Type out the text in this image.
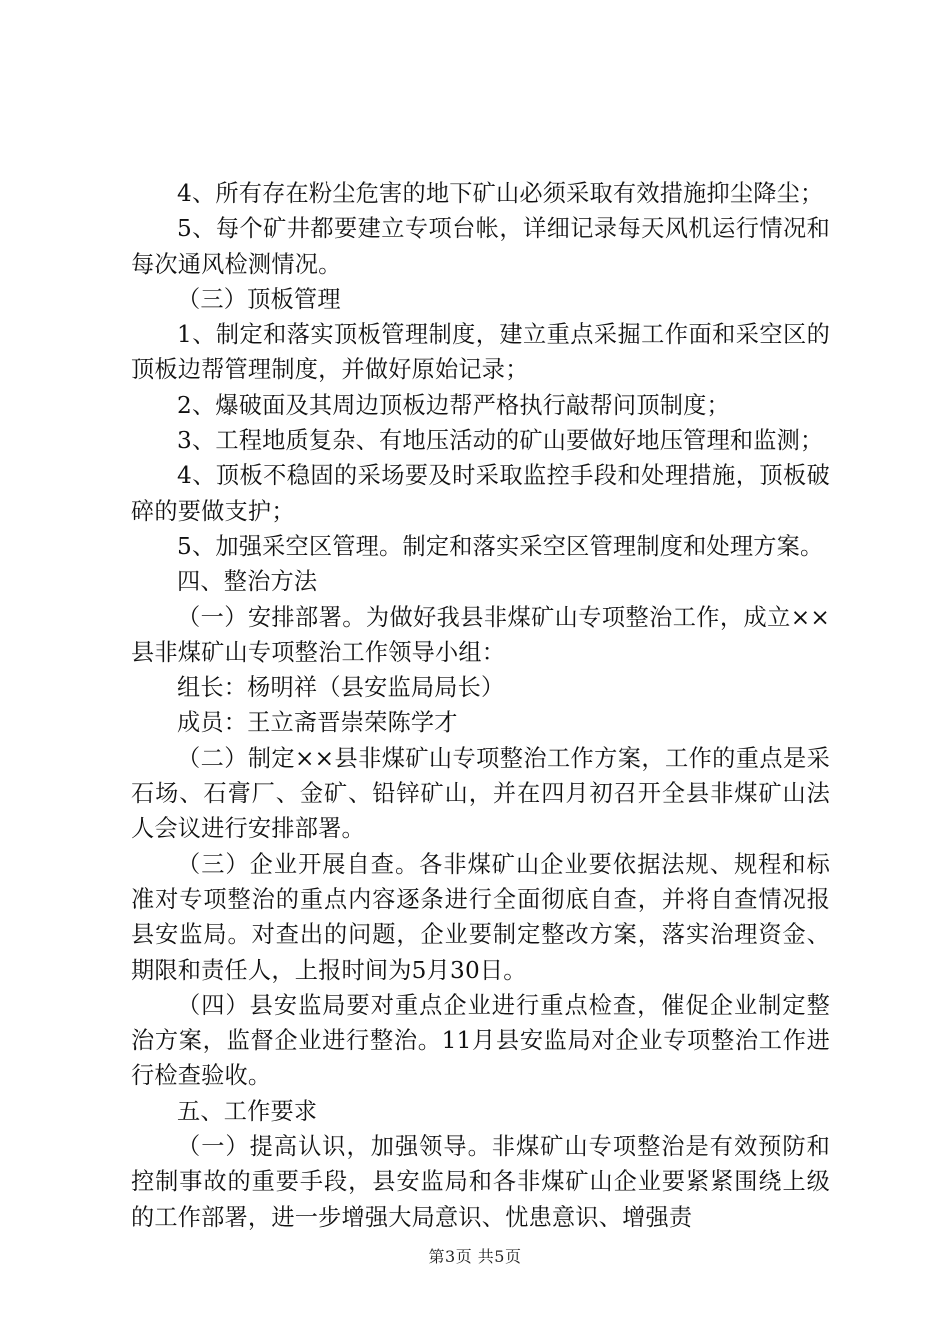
4、所有存在粉尘危害的地下矿山必须采取有效措施抑尘降尘；

5、每个矿井都要建立专项台帐，详细记录每天风机运行情况和每次通风检测情况。

（三）顶板管理

1、制定和落实顶板管理制度，建立重点采掘工作面和采空区的顶板边帮管理制度，并做好原始记录；

2、爆破面及其周边顶板边帮严格执行敲帮问顶制度；

3、工程地质复杂、有地压活动的矿山要做好地压管理和监测；

4、顶板不稳固的采场要及时采取监控手段和处理措施，顶板破碎的要做支护；

5、加强采空区管理。制定和落实采空区管理制度和处理方案。

四、整治方法

（一）安排部署。为做好我县非煤矿山专项整治工作，成立××县非煤矿山专项整治工作领导小组：

组长：杨明祥（县安监局局长）

成员：王立斋晋崇荣陈学才

（二）制定××县非煤矿山专项整治工作方案，工作的重点是采石场、石膏厂、金矿、铅锌矿山，并在四月初召开全县非煤矿山法人会议进行安排部署。

（三）企业开展自查。各非煤矿山企业要依据法规、规程和标准对专项整治的重点内容逐条进行全面彻底自查，并将自查情况报县安监局。对查出的问题，企业要制定整改方案，落实治理资金、期限和责任人，上报时间为5月30日。

（四）县安监局要对重点企业进行重点检查，催促企业制定整治方案，监督企业进行整治。11月县安监局对企业专项整治工作进行检查验收。

五、工作要求

（一）提高认识，加强领导。非煤矿山专项整治是有效预防和控制事故的重要手段，县安监局和各非煤矿山企业要紧紧围绕上级的工作部署，进一步增强大局意识、忧患意识、增强责

第3页 共5页
